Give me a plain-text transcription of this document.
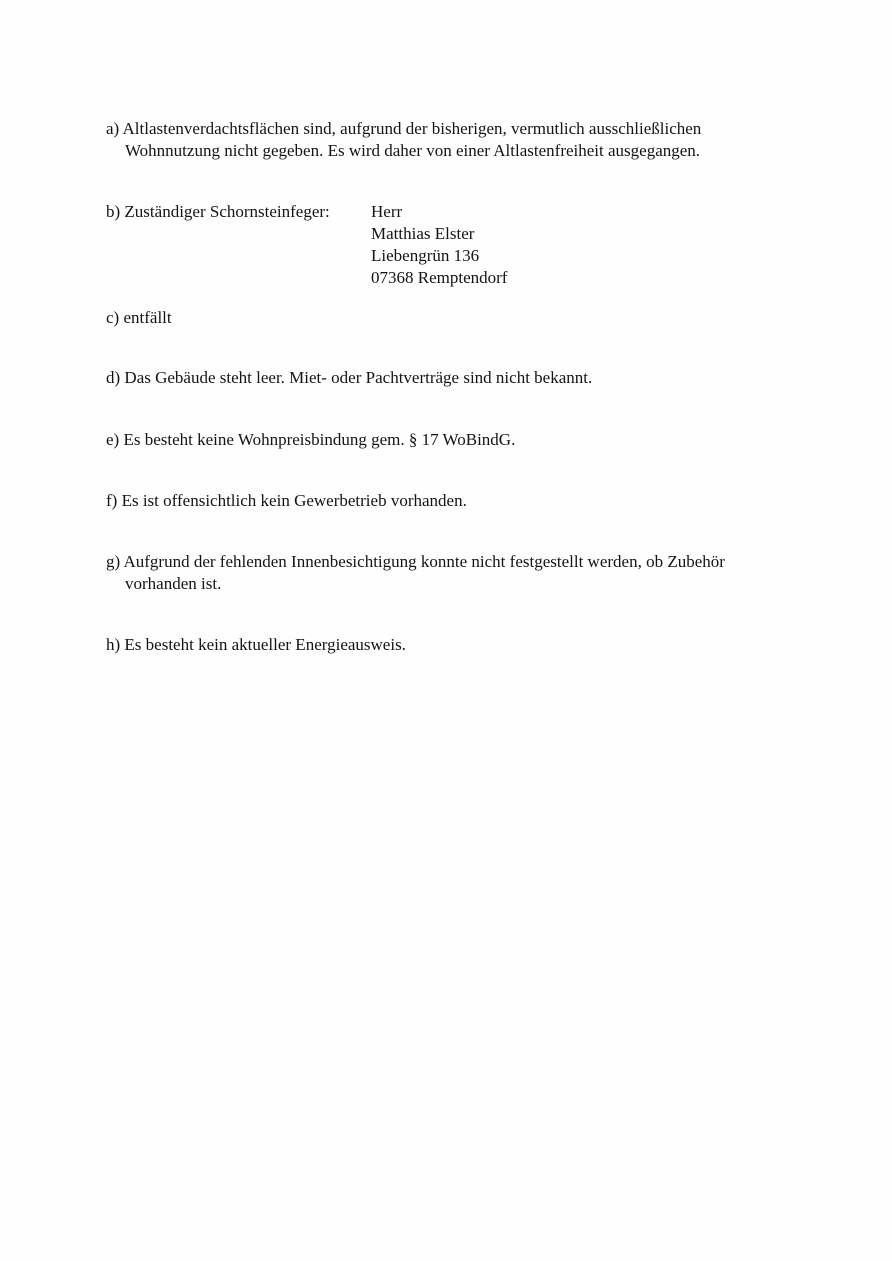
a) Altlastenverdachtsflächen sind, aufgrund der bisherigen, vermutlich ausschließlichen
Wohnnutzung nicht gegeben. Es wird daher von einer Altlastenfreiheit ausgegangen.
b) Zuständiger Schornsteinfeger: Herr
Matthias Elster
Liebengrün 136
07368 Remptendorf
c) entfällt
d) Das Gebäude steht leer. Miet- oder Pachtverträge sind nicht bekannt.
e) Es besteht keine Wohnpreisbindung gem. § 17 WoBindG.
f) Es ist offensichtlich kein Gewerbetrieb vorhanden.
g) Aufgrund der fehlenden Innenbesichtigung konnte nicht festgestellt werden, ob Zubehör
vorhanden ist.
h) Es besteht kein aktueller Energieausweis.
